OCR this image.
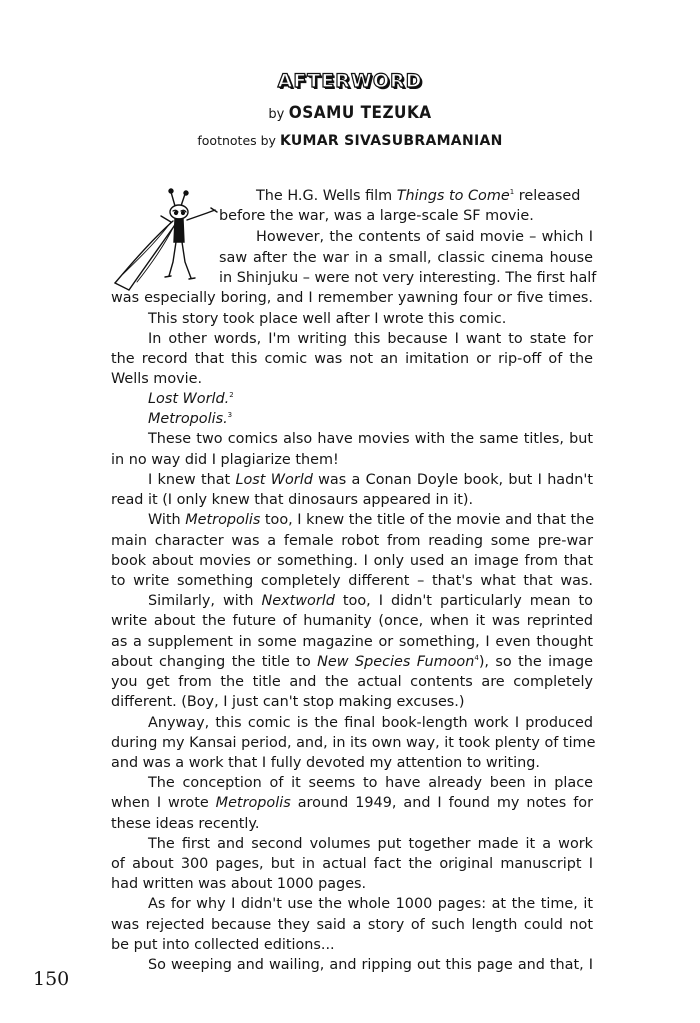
AFTERWORD
by OSAMU TEZUKA
footnotes by KUMAR SIVASUBRAMANIAN
The H.G. Wells film Things to Come$^1$ released
before the war, was a large-scale SF movie.
However, the contents of said movie – which I
saw after the war in a small, classic cinema house
in Shinjuku – were not very interesting. The first half
was especially boring, and I remember yawning four or five times.
This story took place well after I wrote this comic.
In other words, I'm writing this because I want to state for
the record that this comic was not an imitation or rip-off of the
Wells movie.
Lost World.$^2$
Metropolis.$^3$
These two comics also have movies with the same titles, but
in no way did I plagiarize them!
I knew that Lost World was a Conan Doyle book, but I hadn't
read it (I only knew that dinosaurs appeared in it).
With Metropolis too, I knew the title of the movie and that the
main character was a female robot from reading some pre-war
book about movies or something. I only used an image from that
to write something completely different – that's what that was.
Similarly, with Nextworld too, I didn't particularly mean to
write about the future of humanity (once, when it was reprinted
as a supplement in some magazine or something, I even thought
about changing the title to New Species Fumoon$^4$), so the image
you get from the title and the actual contents are completely
different. (Boy, I just can't stop making excuses.)
Anyway, this comic is the final book-length work I produced
during my Kansai period, and, in its own way, it took plenty of time
and was a work that I fully devoted my attention to writing.
The conception of it seems to have already been in place
when I wrote Metropolis around 1949, and I found my notes for
these ideas recently.
The first and second volumes put together made it a work
of about 300 pages, but in actual fact the original manuscript I
had written was about 1000 pages.
As for why I didn't use the whole 1000 pages: at the time, it
was rejected because they said a story of such length could not
be put into collected editions...
So weeping and wailing, and ripping out this page and that, I
150
